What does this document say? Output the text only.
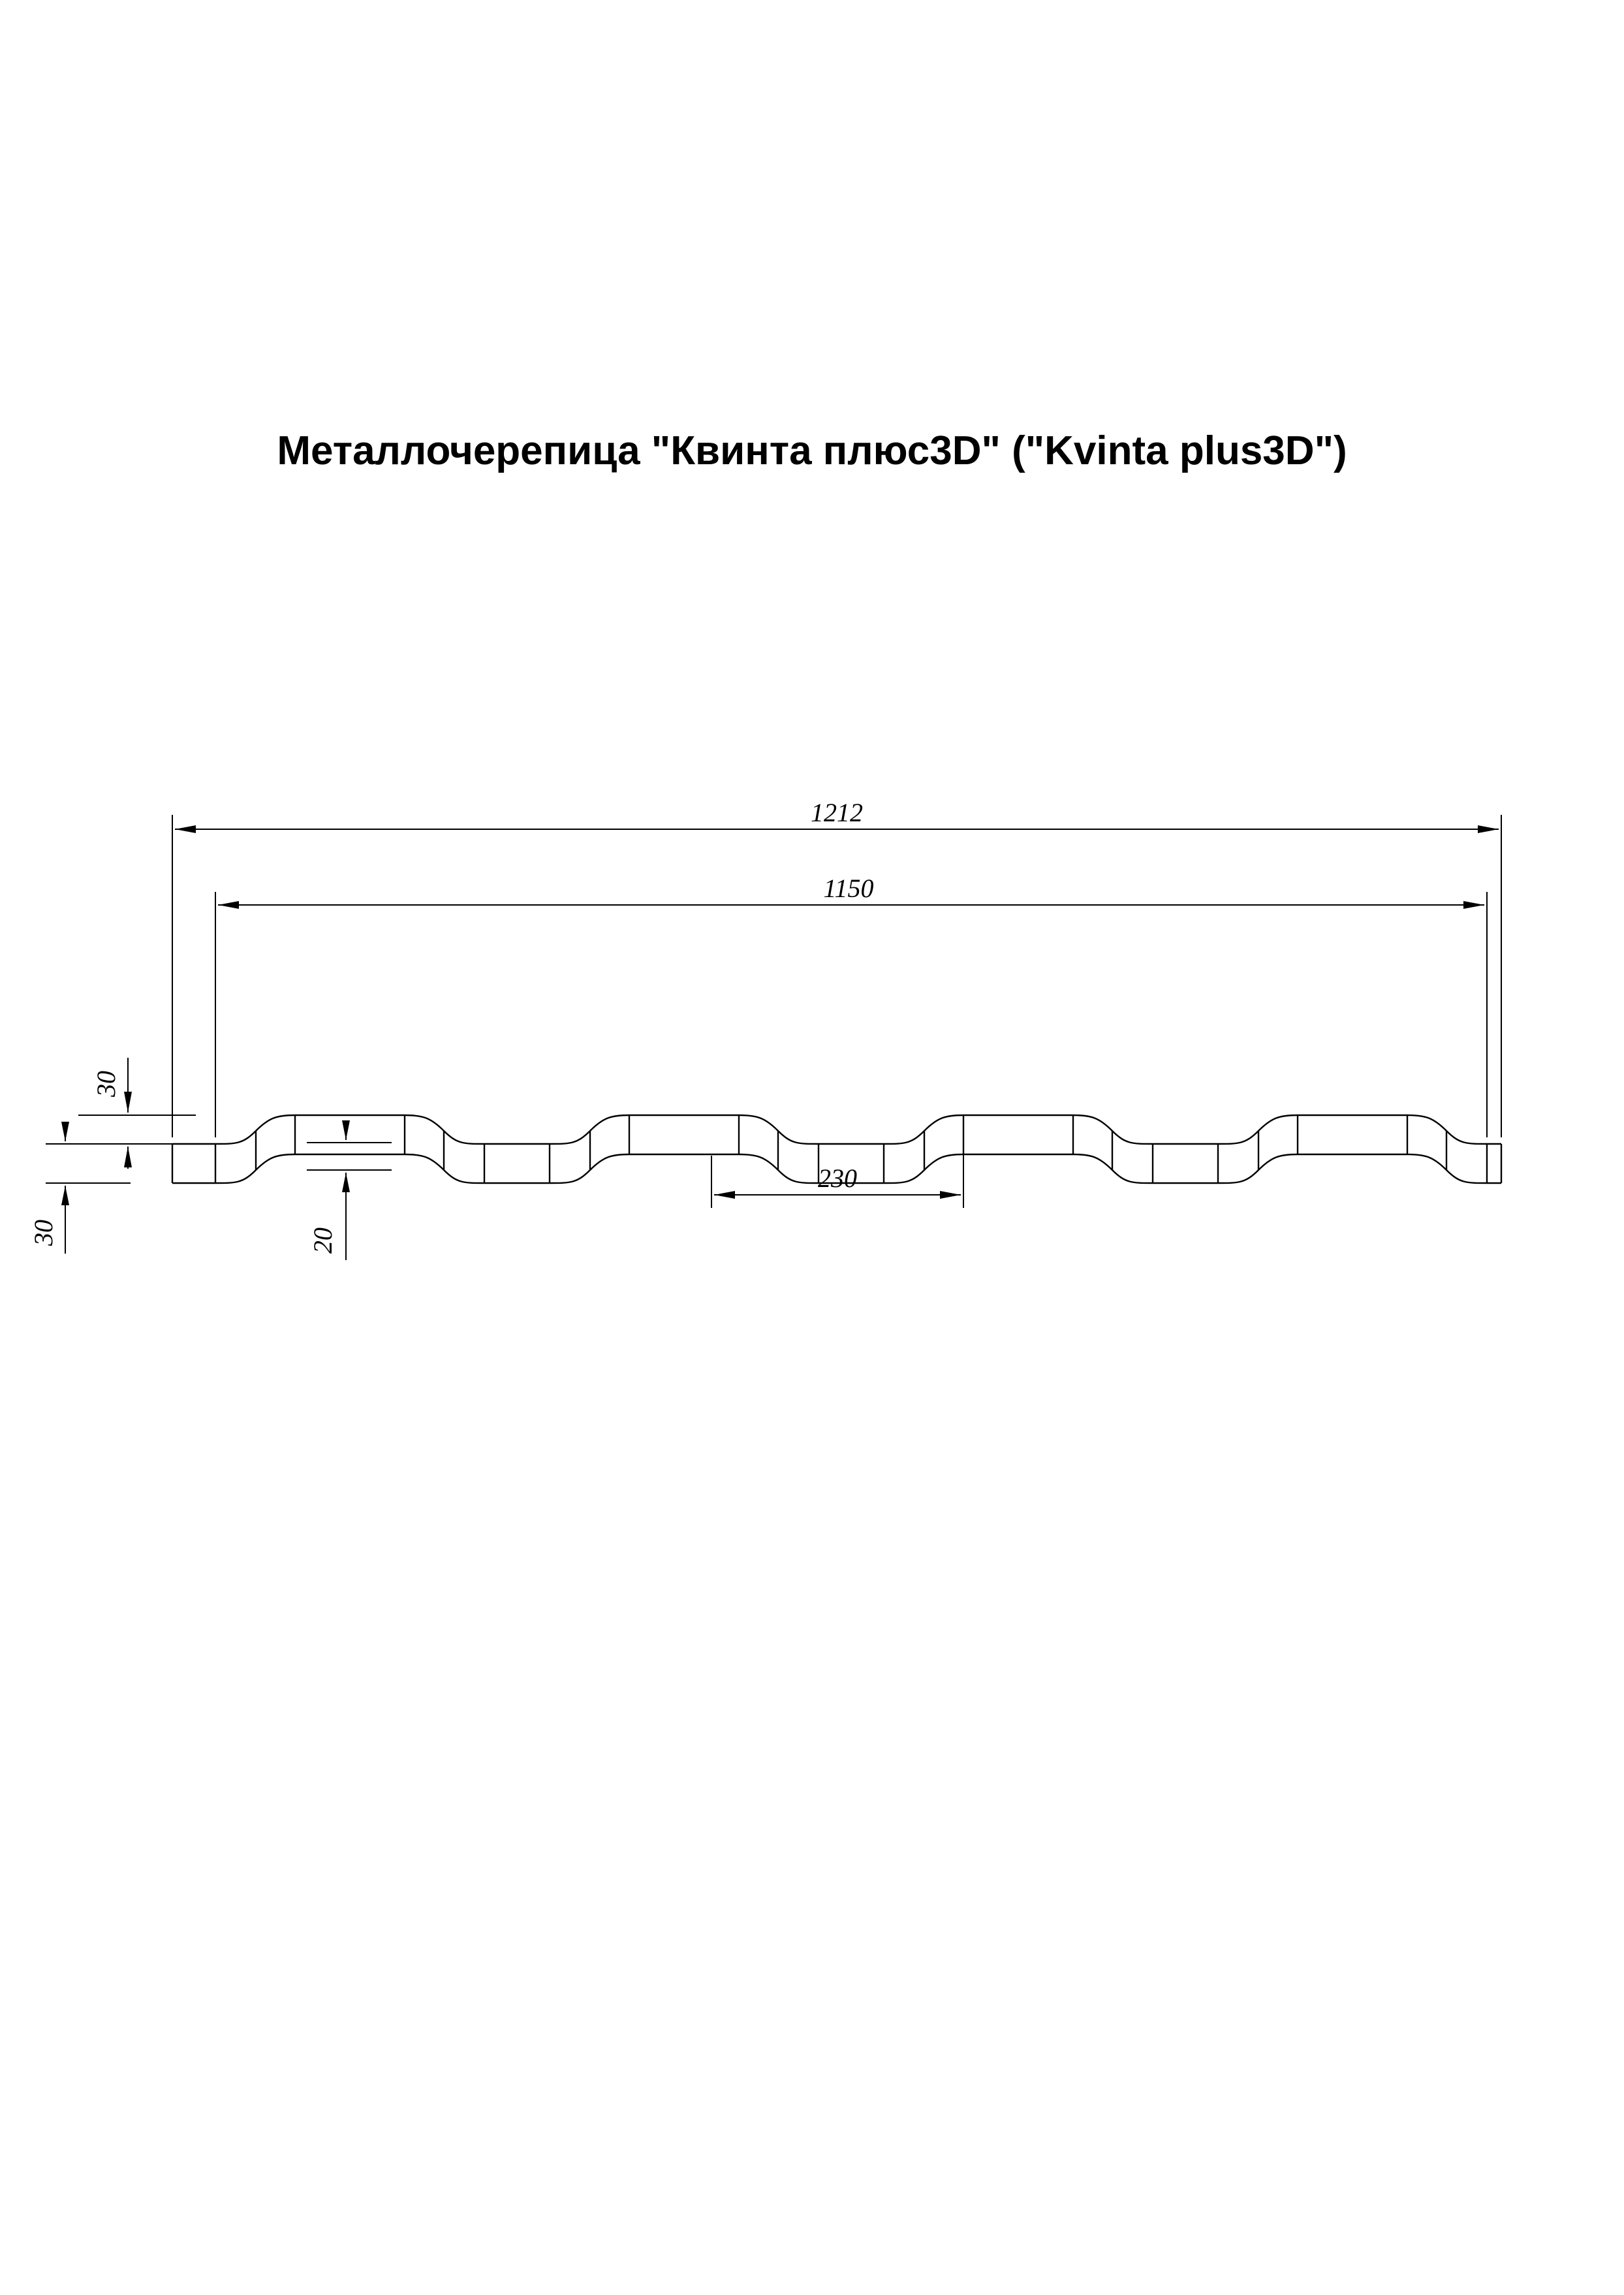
Металлочерепица "Квинта плюс3D" ("Kvinta plus3D")
1212
1150
230
30
30	20
